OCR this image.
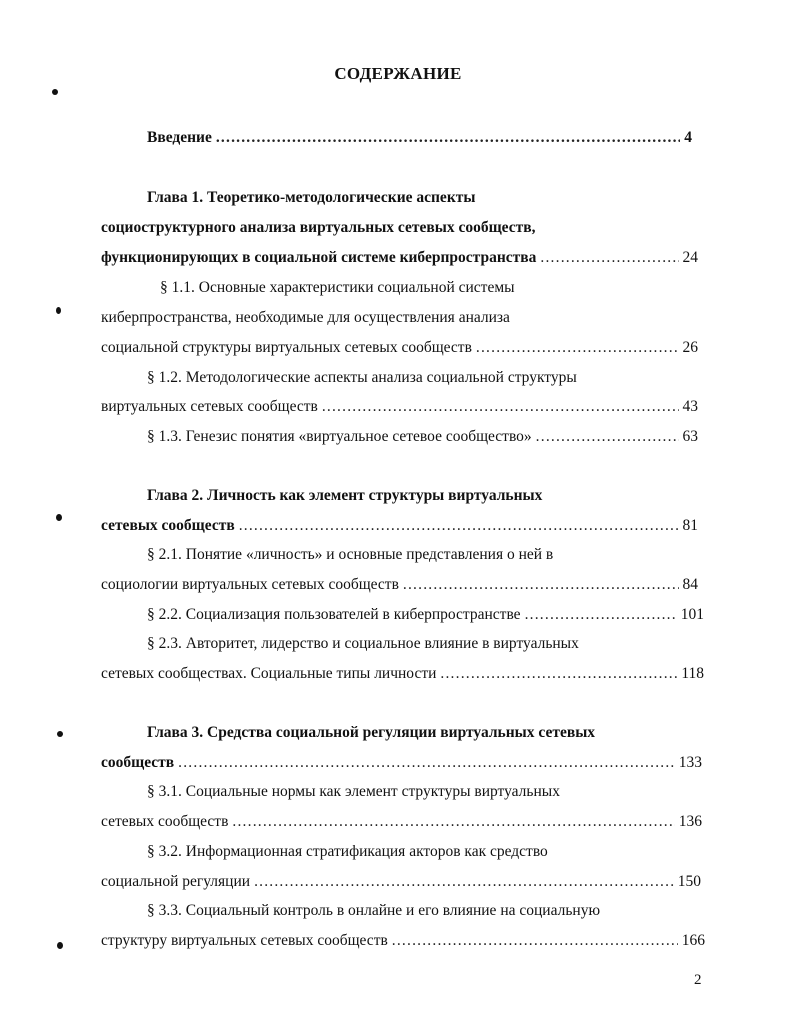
СОДЕРЖАНИЕ
Введение .....	4
Глава 1. Теоретико-методологические аспекты
социоструктурного анализа виртуальных сетевых сообществ,
функционирующих в социальной системе киберпространства .....	24
§ 1.1. Основные характеристики социальной системы
киберпространства, необходимые для осуществления анализа
социальной структуры виртуальных сетевых сообществ .....	26
§ 1.2. Методологические аспекты анализа социальной структуры
виртуальных сетевых сообществ .....	43
§ 1.3. Генезис понятия «виртуальное сетевое сообщество» .....	63
Глава 2. Личность как элемент структуры виртуальных
сетевых сообществ .....	81
§ 2.1. Понятие «личность» и основные представления о ней в
социологии виртуальных сетевых сообществ .....	84
§ 2.2. Социализация пользователей в киберпространстве .....	101
§ 2.3. Авторитет, лидерство и социальное влияние в виртуальных
сетевых сообществах. Социальные типы личности .....	118
Глава 3. Средства социальной регуляции виртуальных сетевых
сообществ .....	133
§ 3.1. Социальные нормы как элемент структуры виртуальных
сетевых сообществ .....	136
§ 3.2. Информационная стратификация акторов как средство
социальной регуляции .....	150
§ 3.3. Социальный контроль в онлайне и его влияние на социальную
структуру виртуальных сетевых сообществ .....	166
2
